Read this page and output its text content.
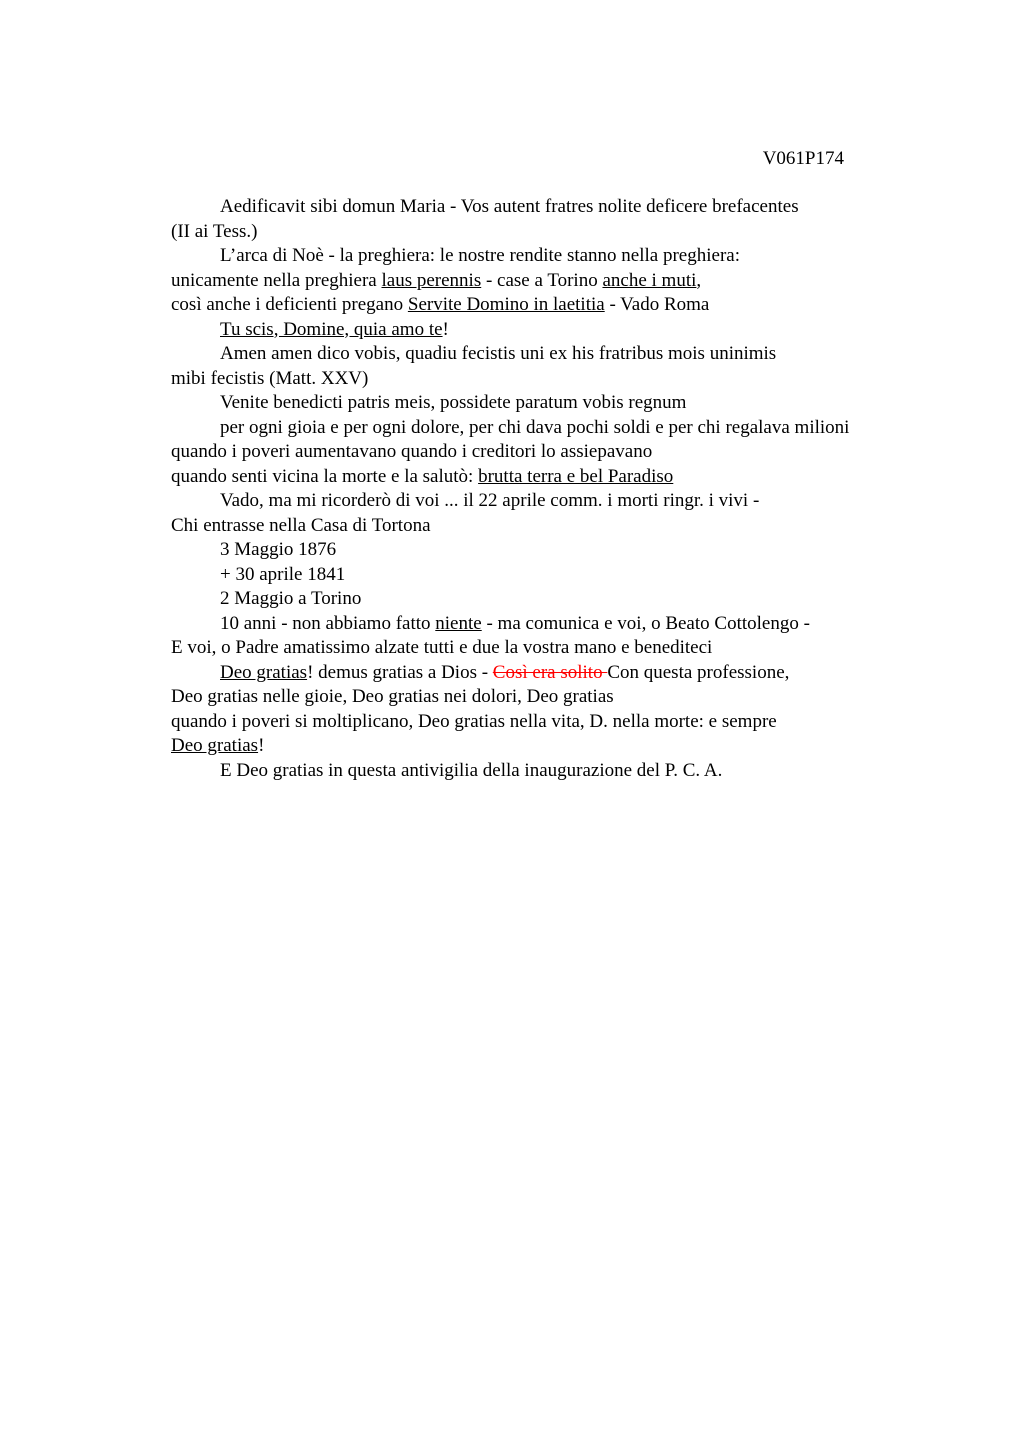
V061P174
Aedificavit sibi domun Maria - Vos autent fratres nolite deficere brefacentes
(II ai Tess.)
L’arca di Noè - la preghiera: le nostre rendite stanno nella preghiera:
unicamente nella preghiera laus perennis - case a Torino anche i muti,
così anche i deficienti pregano Servite Domino in laetitia - Vado Roma
Tu scis, Domine, quia amo te!
Amen amen dico vobis, quadiu fecistis uni ex his fratribus mois uninimis
mibi fecistis (Matt. XXV)
Venite benedicti patris meis, possidete paratum vobis regnum
per ogni gioia e per ogni dolore, per chi dava pochi soldi e per chi regalava milioni
quando i poveri aumentavano quando i creditori lo assiepavano
quando senti vicina la morte e la salutò: brutta terra e bel Paradiso
Vado, ma mi ricorderò di voi ... il 22 aprile comm. i morti ringr. i vivi -
Chi entrasse nella Casa di Tortona
3 Maggio 1876
+ 30 aprile 1841
2 Maggio a Torino
10 anni - non abbiamo fatto niente - ma comunica e voi, o Beato Cottolengo -
E voi, o Padre amatissimo alzate tutti e due la vostra mano e benediteci
Deo gratias! demus gratias a Dios - Così era solito Con questa professione,
Deo gratias nelle gioie, Deo gratias nei dolori, Deo gratias
quando i poveri si moltiplicano, Deo gratias nella vita, D. nella morte: e sempre
Deo gratias!
E Deo gratias in questa antivigilia della inaugurazione del P. C. A.
